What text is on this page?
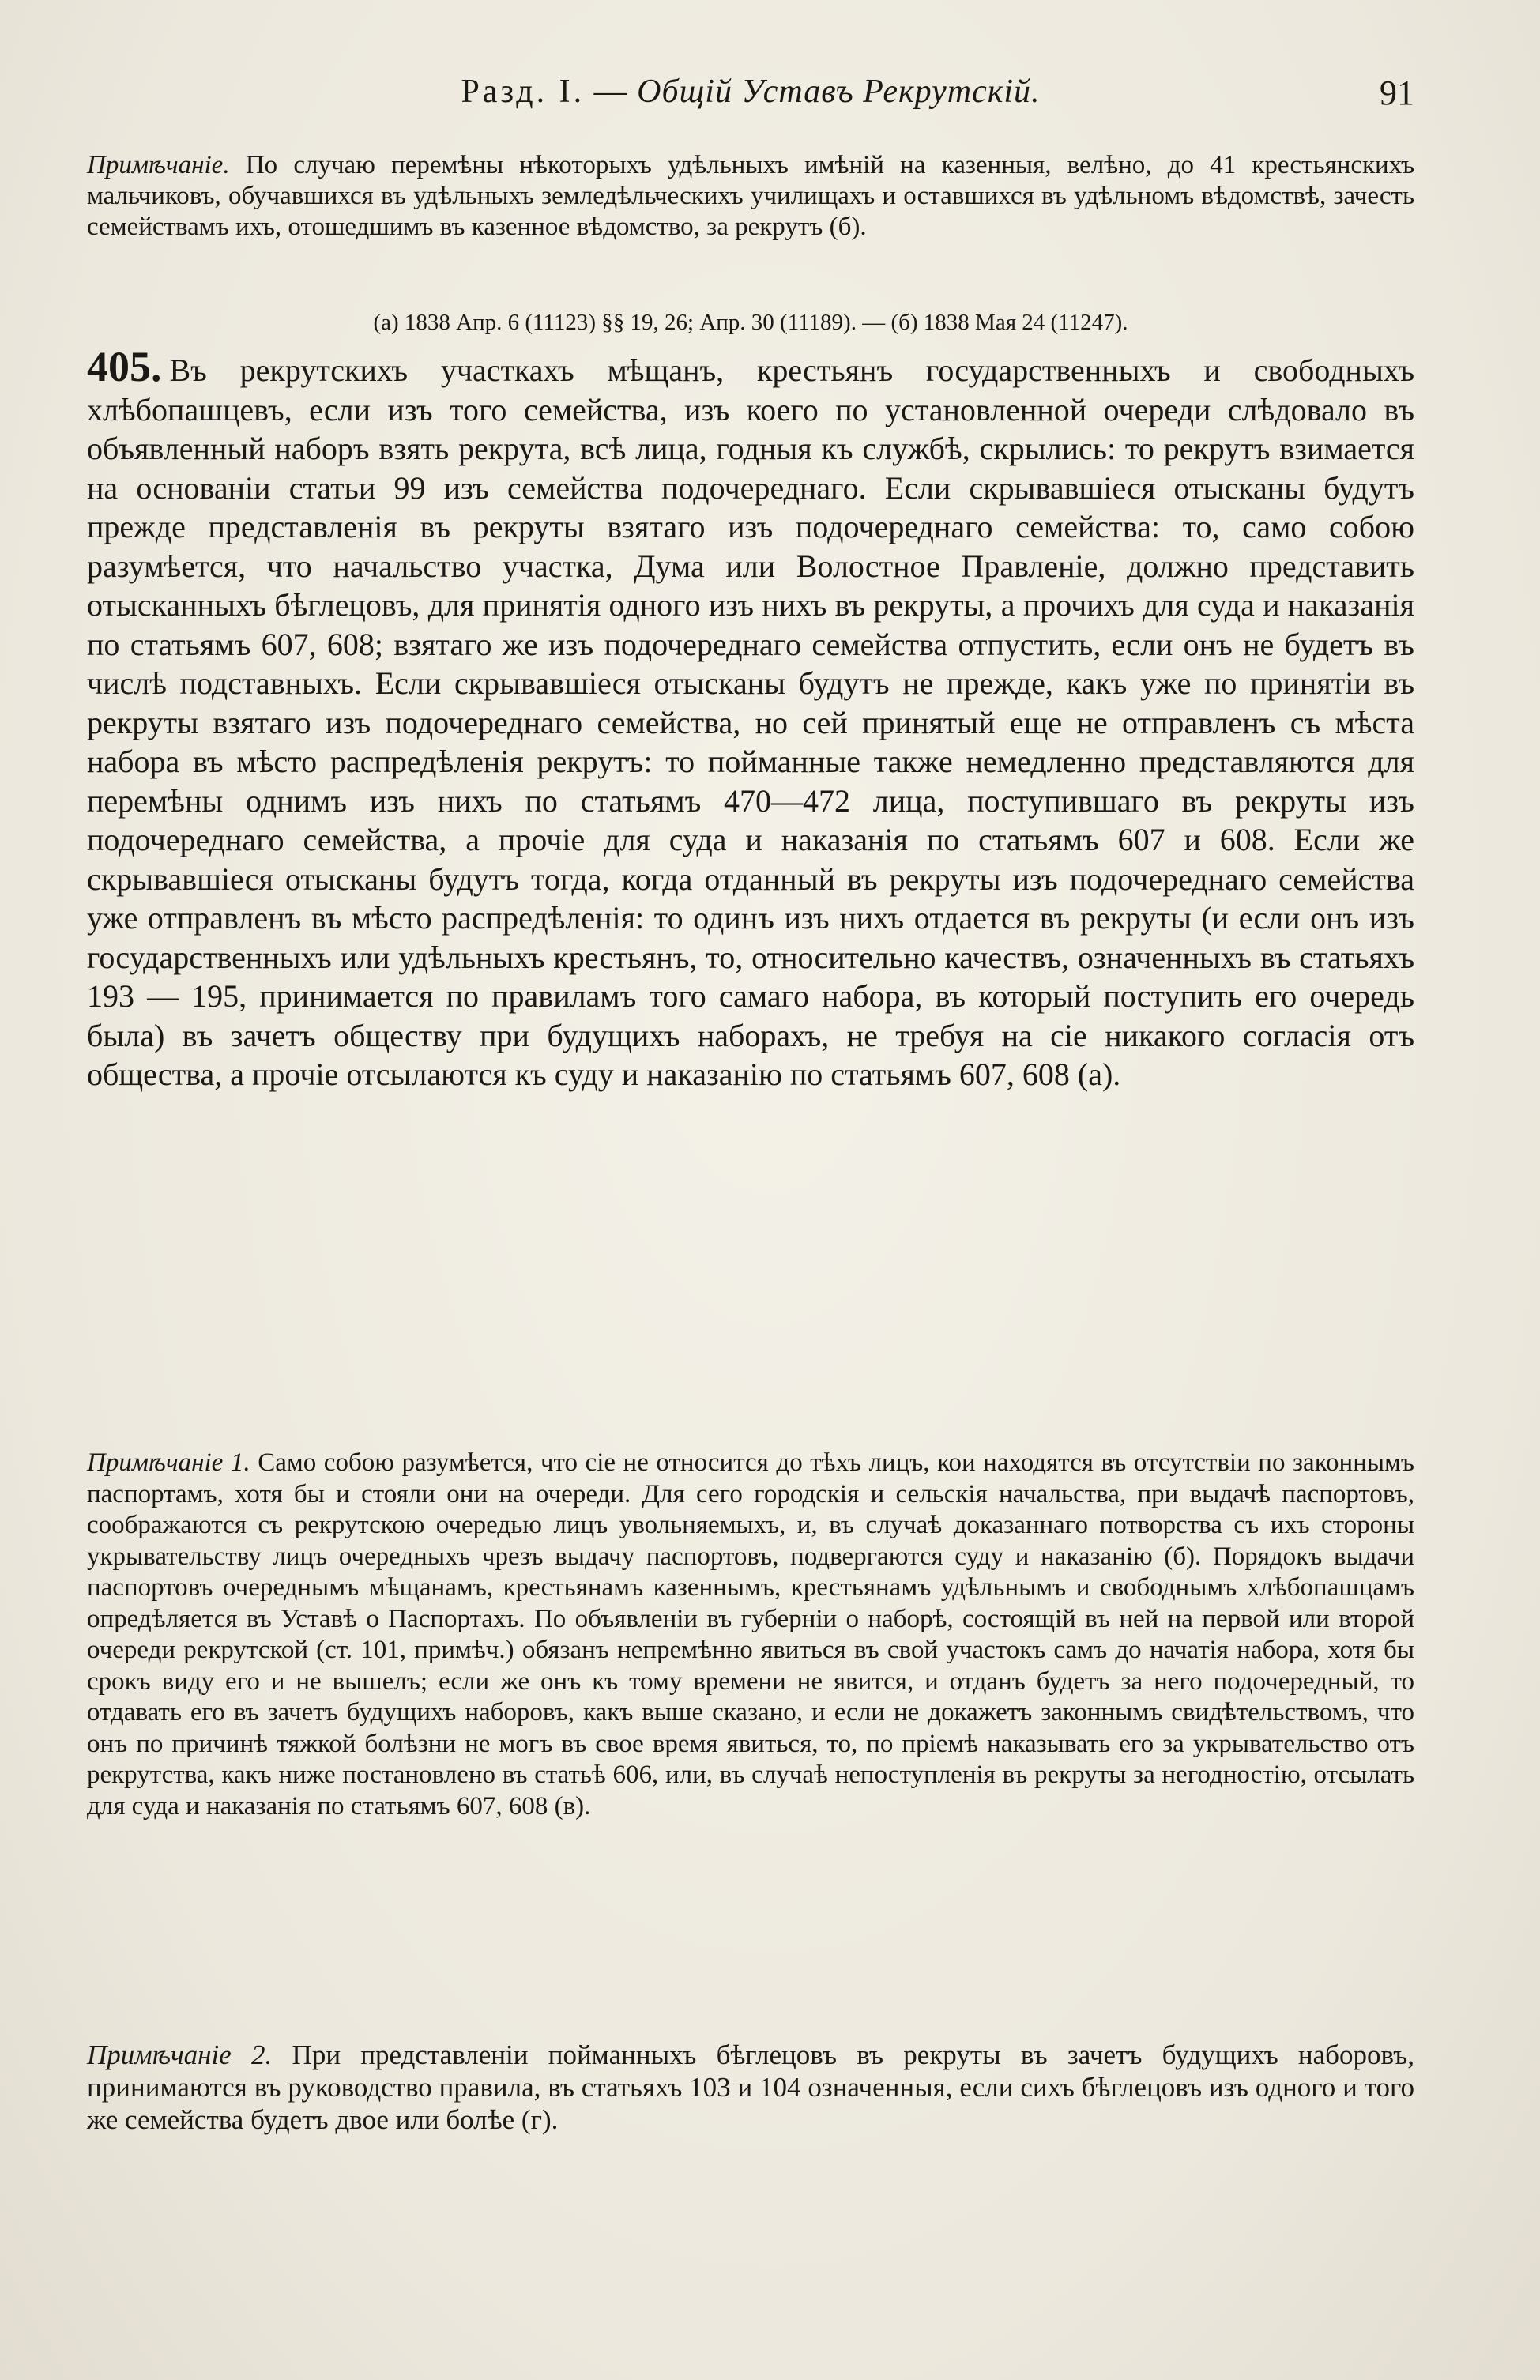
Разд. I. — Общій Уставъ Рекрутскій.	91

Примѣчаніе. По случаю перемѣны нѣкоторыхъ удѣльныхъ имѣній на казенныя, велѣно, до 41 крестьянскихъ мальчиковъ, обучавшихся въ удѣльныхъ земледѣльческихъ училищахъ и оставшихся въ удѣльномъ вѣдомствѣ, зачесть семействамъ ихъ, отошедшимъ въ казенное вѣдомство, за рекрутъ (б).

(а) 1838 Апр. 6 (11123) §§ 19, 26; Апр. 30 (11189). — (б) 1838 Мая 24 (11247).

405. Въ рекрутскихъ участкахъ мѣщанъ, крестьянъ государственныхъ и свободныхъ хлѣбопашцевъ, если изъ того семейства, изъ коего по установленной очереди слѣдовало въ объявленный наборъ взять рекрута, всѣ лица, годныя къ службѣ, скрылись: то рекрутъ взимается на основаніи статьи 99 изъ семейства подочереднаго. Если скрывавшіеся отысканы будутъ прежде представленія въ рекруты взятаго изъ подочереднаго семейства: то, само собою разумѣется, что начальство участка, Дума или Волостное Правленіе, должно представить отысканныхъ бѣглецовъ, для принятія одного изъ нихъ въ рекруты, а прочихъ для суда и наказанія по статьямъ 607, 608; взятаго же изъ подочереднаго семейства отпустить, если онъ не будетъ въ числѣ подставныхъ. Если скрывавшіеся отысканы будутъ не прежде, какъ уже по принятіи въ рекруты взятаго изъ подочереднаго семейства, но сей принятый еще не отправленъ съ мѣста набора въ мѣсто распредѣленія рекрутъ: то пойманные также немедленно представляются для перемѣны однимъ изъ нихъ по статьямъ 470—472 лица, поступившаго въ рекруты изъ подочереднаго семейства, а прочіе для суда и наказанія по статьямъ 607 и 608. Если же скрывавшіеся отысканы будутъ тогда, когда отданный въ рекруты изъ подочереднаго семейства уже отправленъ въ мѣсто распредѣленія: то одинъ изъ нихъ отдается въ рекруты (и если онъ изъ государственныхъ или удѣльныхъ крестьянъ, то, относительно качествъ, означенныхъ въ статьяхъ 193 — 195, принимается по правиламъ того самаго набора, въ который поступить его очередь была) въ зачетъ обществу при будущихъ наборахъ, не требуя на сіе никакого согласія отъ общества, а прочіе отсылаются къ суду и наказанію по статьямъ 607, 608 (а).

Примѣчаніе 1. Само собою разумѣется, что сіе не относится до тѣхъ лицъ, кои находятся въ отсутствіи по законнымъ паспортамъ, хотя бы и стояли они на очереди. Для сего городскія и сельскія начальства, при выдачѣ паспортовъ, соображаются съ рекрутскою очередью лицъ увольняемыхъ, и, въ случаѣ доказаннаго потворства съ ихъ стороны укрывательству лицъ очередныхъ чрезъ выдачу паспортовъ, подвергаются суду и наказанію (б). Порядокъ выдачи паспортовъ очереднымъ мѣщанамъ, крестьянамъ казеннымъ, крестьянамъ удѣльнымъ и свободнымъ хлѣбопашцамъ опредѣляется въ Уставѣ о Паспортахъ. По объявленіи въ губерніи о наборѣ, состоящій въ ней на первой или второй очереди рекрутской (ст. 101, примѣч.) обязанъ непремѣнно явиться въ свой участокъ самъ до начатія набора, хотя бы срокъ виду его и не вышелъ; если же онъ къ тому времени не явится, и отданъ будетъ за него подочередный, то отдавать его въ зачетъ будущихъ наборовъ, какъ выше сказано, и если не докажетъ законнымъ свидѣтельствомъ, что онъ по причинѣ тяжкой болѣзни не могъ въ свое время явиться, то, по пріемѣ наказывать его за укрывательство отъ рекрутства, какъ ниже постановлено въ статьѣ 606, или, въ случаѣ непоступленія въ рекруты за негодностію, отсылать для суда и наказанія по статьямъ 607, 608 (в).

Примѣчаніе 2. При представленіи пойманныхъ бѣглецовъ въ рекруты въ зачетъ будущихъ наборовъ, принимаются въ руководство правила, въ статьяхъ 103 и 104 означенныя, если сихъ бѣглецовъ изъ одного и того же семейства будетъ двое или болѣе (г).
